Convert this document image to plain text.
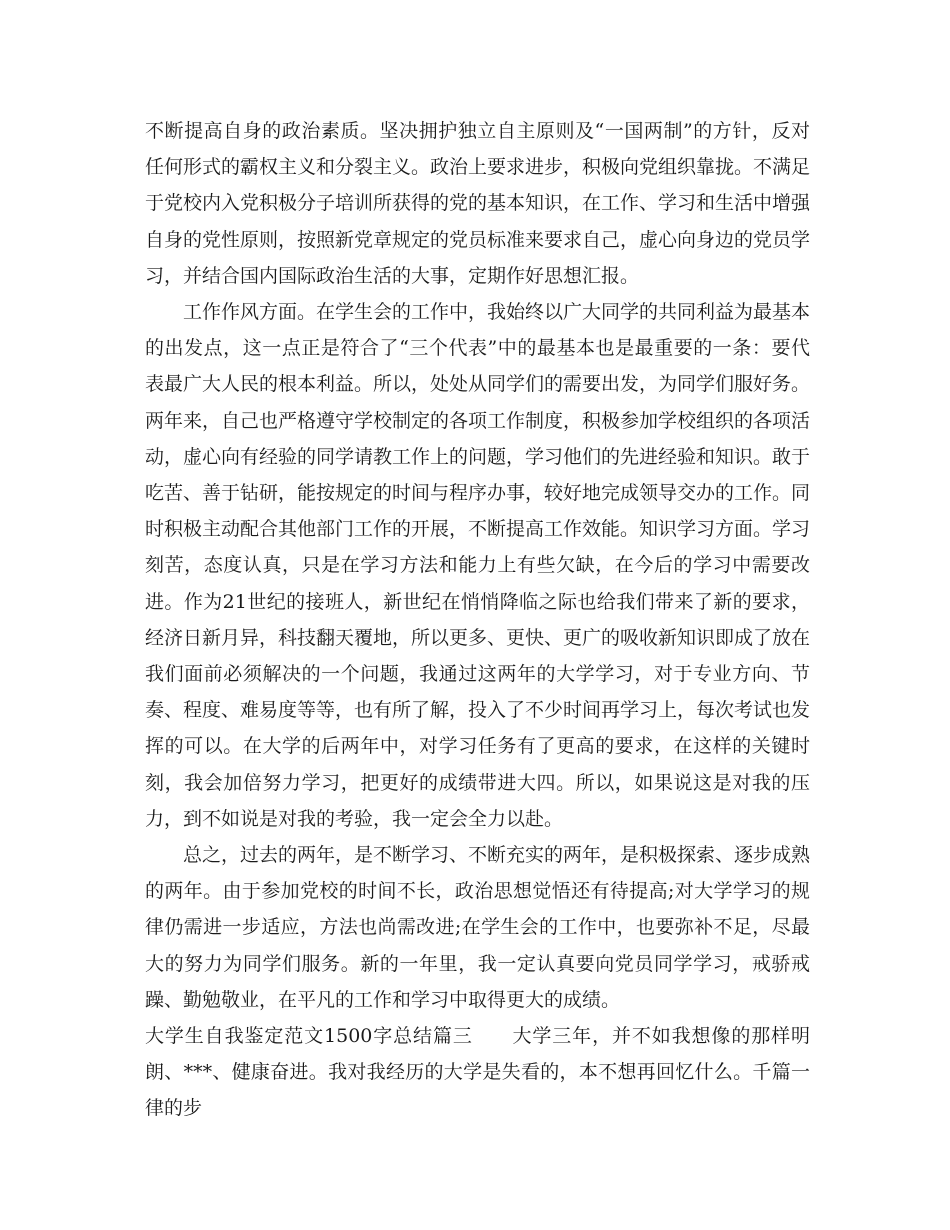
不断提高自身的政治素质。坚决拥护独立自主原则及“一国两制”的方针，反对任何形式的霸权主义和分裂主义。政治上要求进步，积极向党组织靠拢。不满足于党校内入党积极分子培训所获得的党的基本知识，在工作、学习和生活中增强自身的党性原则，按照新党章规定的党员标准来要求自己，虚心向身边的党员学习，并结合国内国际政治生活的大事，定期作好思想汇报。

工作作风方面。在学生会的工作中，我始终以广大同学的共同利益为最基本的出发点，这一点正是符合了“三个代表”中的最基本也是最重要的一条：要代表最广大人民的根本利益。所以，处处从同学们的需要出发，为同学们服好务。两年来，自己也严格遵守学校制定的各项工作制度，积极参加学校组织的各项活动，虚心向有经验的同学请教工作上的问题，学习他们的先进经验和知识。敢于吃苦、善于钻研，能按规定的时间与程序办事，较好地完成领导交办的工作。同时积极主动配合其他部门工作的开展，不断提高工作效能。知识学习方面。学习刻苦，态度认真，只是在学习方法和能力上有些欠缺，在今后的学习中需要改进。作为21世纪的接班人，新世纪在悄悄降临之际也给我们带来了新的要求，经济日新月异，科技翻天覆地，所以更多、更快、更广的吸收新知识即成了放在我们面前必须解决的一个问题，我通过这两年的大学学习，对于专业方向、节奏、程度、难易度等等，也有所了解，投入了不少时间再学习上，每次考试也发挥的可以。在大学的后两年中，对学习任务有了更高的要求，在这样的关键时刻，我会加倍努力学习，把更好的成绩带进大四。所以，如果说这是对我的压力，到不如说是对我的考验，我一定会全力以赴。

总之，过去的两年，是不断学习、不断充实的两年，是积极探索、逐步成熟的两年。由于参加党校的时间不长，政治思想觉悟还有待提高;对大学学习的规律仍需进一步适应，方法也尚需改进;在学生会的工作中，也要弥补不足，尽最大的努力为同学们服务。新的一年里，我一定认真要向党员同学学习，戒骄戒躁、勤勉敬业，在平凡的工作和学习中取得更大的成绩。

大学生自我鉴定范文1500字总结篇三　　大学三年，并不如我想像的那样明朗、***、健康奋进。我对我经历的大学是失看的，本不想再回忆什么。千篇一律的步
